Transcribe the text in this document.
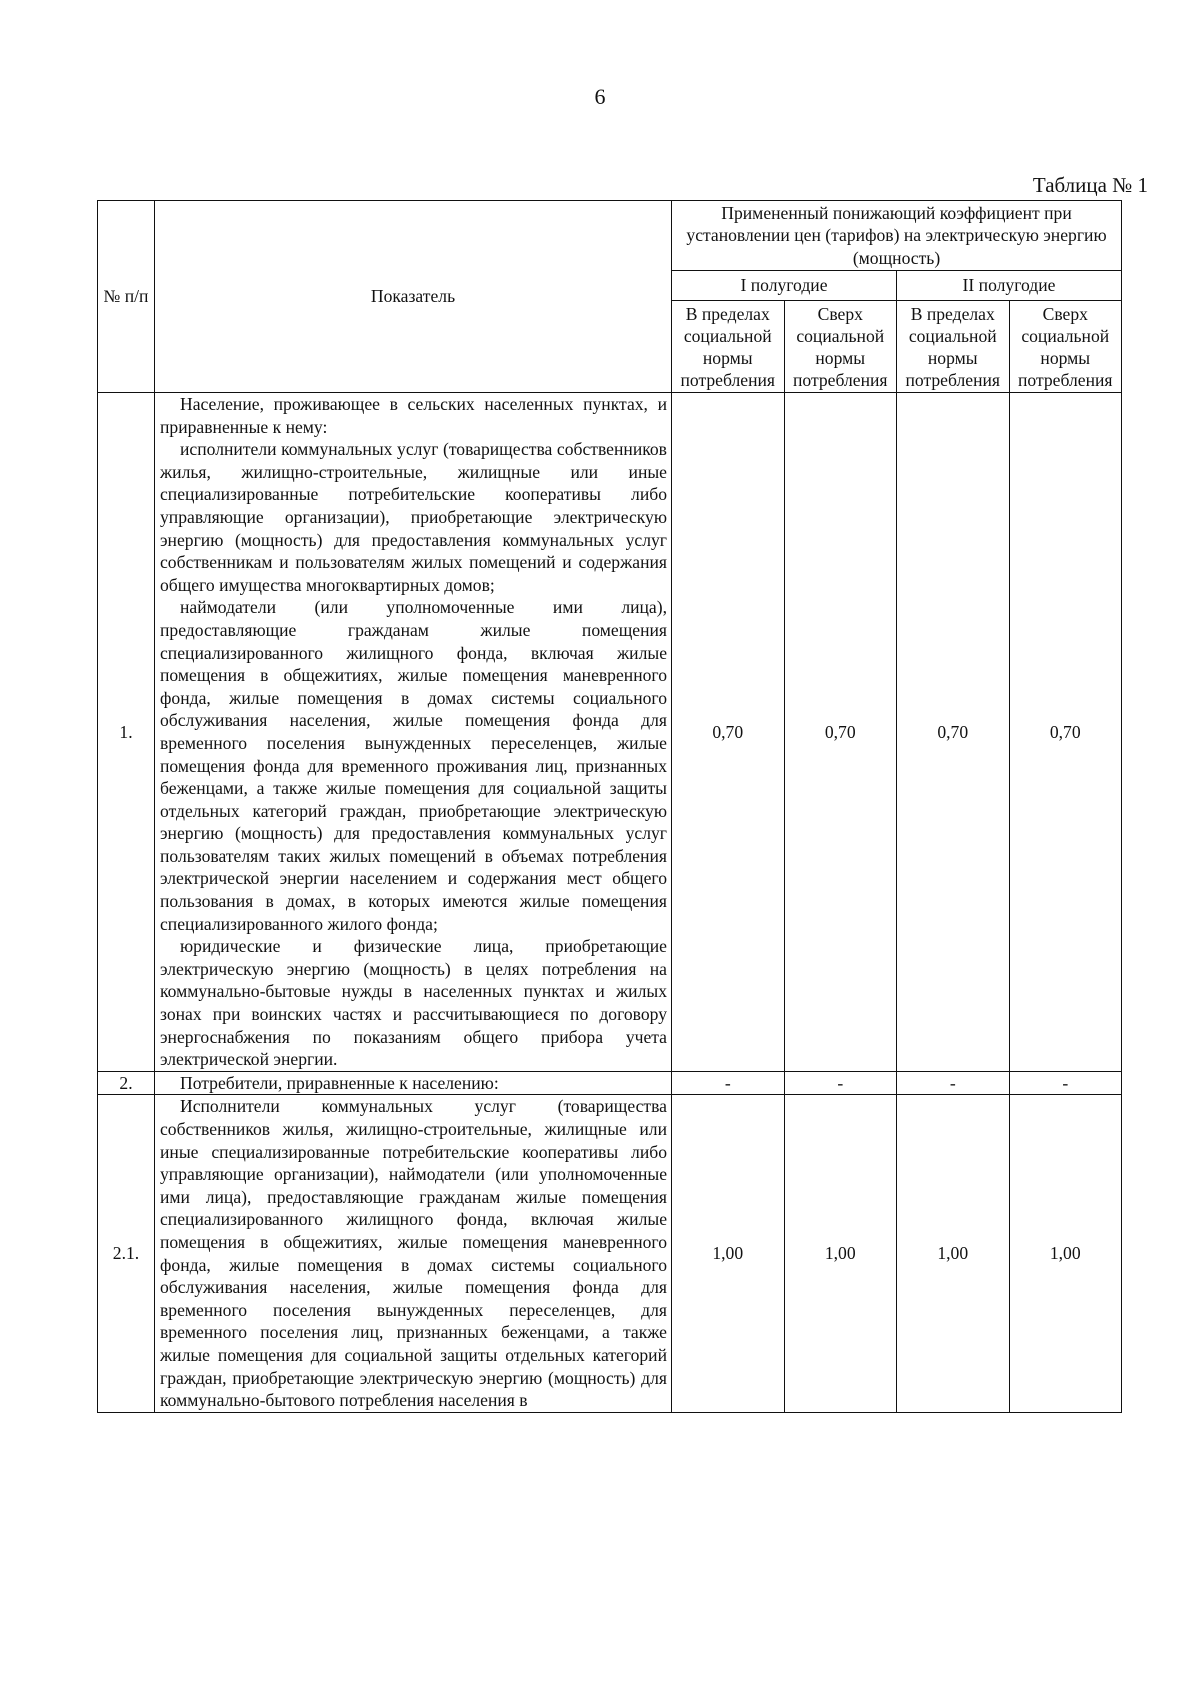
6
Таблица № 1
№ п/п	Показатель	Примененный понижающий коэффициент при установлении цен (тарифов) на электрическую энергию (мощность)			
		I полугодие		II полугодие	
		В пределах социальной нормы потребления	Сверх социальной нормы потребления	В пределах социальной нормы потребления	Сверх социальной нормы потребления
1.	Население, проживающее в сельских населенных пунктах, и приравненные к нему:

исполнители коммунальных услуг (товарищества собственников жилья, жилищно-строительные, жилищные или иные специализированные потребительские кооперативы либо управляющие организации), приобретающие электрическую энергию (мощность) для предоставления коммунальных услуг собственникам и пользователям жилых помещений и содержания общего имущества многоквартирных домов;

наймодатели (или уполномоченные ими лица), предоставляющие гражданам жилые помещения специализированного жилищного фонда, включая жилые помещения в общежитиях, жилые помещения маневренного фонда, жилые помещения в домах системы социального обслуживания населения, жилые помещения фонда для временного поселения вынужденных переселенцев, жилые помещения фонда для временного проживания лиц, признанных беженцами, а также жилые помещения для социальной защиты отдельных категорий граждан, приобретающие электрическую энергию (мощность) для предоставления коммунальных услуг пользователям таких жилых помещений в объемах потребления электрической энергии населением и содержания мест общего пользования в домах, в которых имеются жилые помещения специализированного жилого фонда;

юридические и физические лица, приобретающие электрическую энергию (мощность) в целях потребления на коммунально-бытовые нужды в населенных пунктах и жилых зонах при воинских частях и рассчитывающиеся по договору энергоснабжения по показаниям общего прибора учета электрической энергии.	0,70	0,70	0,70	0,70
2.	Потребители, приравненные к населению:	-	-	-	-
2.1.	Исполнители коммунальных услуг (товарищества собственников жилья, жилищно-строительные, жилищные или иные специализированные потребительские кооперативы либо управляющие организации), наймодатели (или уполномоченные ими лица), предоставляющие гражданам жилые помещения специализированного жилищного фонда, включая жилые помещения в общежитиях, жилые помещения маневренного фонда, жилые помещения в домах системы социального обслуживания населения, жилые помещения фонда для временного поселения вынужденных переселенцев, для временного поселения лиц, признанных беженцами, а также жилые помещения для социальной защиты отдельных категорий граждан, приобретающие электрическую энергию (мощность) для коммунально-бытового потребления населения в	1,00	1,00	1,00	1,00
